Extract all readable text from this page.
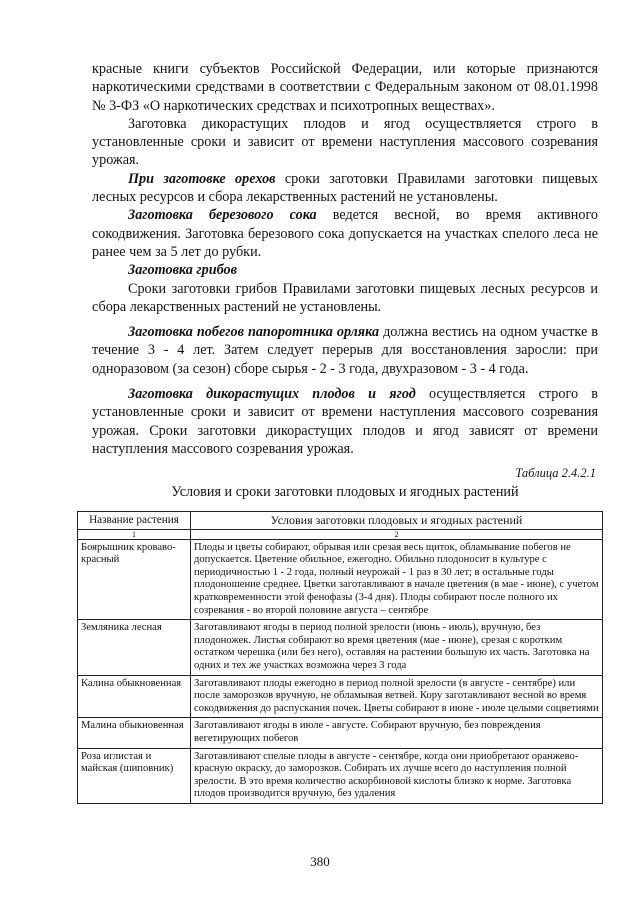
красные книги субъектов Российской Федерации, или которые признаются наркотическими средствами в соответствии с Федеральным законом от 08.01.1998 № 3-ФЗ «О наркотических средствах и психотропных веществах».

Заготовка дикорастущих плодов и ягод осуществляется строго в установленные сроки и зависит от времени наступления массового созревания урожая.

При заготовке орехов сроки заготовки Правилами заготовки пищевых лесных ресурсов и сбора лекарственных растений не установлены.

Заготовка березового сока ведется весной, во время активного сокодвижения. Заготовка березового сока допускается на участках спелого леса не ранее чем за 5 лет до рубки.

Заготовка грибов

Сроки заготовки грибов Правилами заготовки пищевых лесных ресурсов и сбора лекарственных растений не установлены.

Заготовка побегов папоротника орляка должна вестись на одном участке в течение 3 - 4 лет. Затем следует перерыв для восстановления заросли: при одноразовом (за сезон) сборе сырья - 2 - 3 года, двухразовом - 3 - 4 года.

Заготовка дикорастущих плодов и ягод осуществляется строго в установленные сроки и зависит от времени наступления массового созревания урожая. Сроки заготовки дикорастущих плодов и ягод зависят от времени наступления массового созревания урожая.

Таблица 2.4.2.1
Условия и сроки заготовки плодовых и ягодных растений
Название растения	Условия заготовки плодовых и ягодных растений
1	2
Боярышник кроваво-красный	Плоды и цветы собирают, обрывая или срезая весь щиток, обламывание побегов не допускается. Цветение обильное, ежегодно. Обильно плодоносит в культуре с периодичностью 1 - 2 года, полный неурожай - 1 раз в 30 лет; в остальные годы плодоношение среднее. Цветки заготавливают в начале цветения (в мае - июне), с учетом кратковременности этой фенофазы (3-4 дня). Плоды собирают после полного их созревания - во второй половине августа – сентябре
Земляника лесная	Заготавливают ягоды в период полной зрелости (июнь - июль), вручную, без плодоножек. Листья собирают во время цветения (мае - июне), срезая с коротким остатком черешка (или без него), оставляя на растении большую их часть. Заготовка на одних и тех же участках возможна через 3 года
Калина обыкновенная	Заготавливают плоды ежегодно в период полной зрелости (в августе - сентябре) или после заморозков вручную, не обламывая ветвей. Кору заготавливают весной во время сокодвижения до распускания почек. Цветы собирают в июне - июле целыми соцветиями
Малина обыкновенная	Заготавливают ягоды в июле - августе. Собирают вручную, без повреждения вегетирующих побегов
Роза иглистая и майская (шиповник)	Заготавливают спелые плоды в августе - сентябре, когда они приобретают оранжево-красную окраску, до заморозков. Собирать их лучше всего до наступления полной зрелости. В это время количество аскорбиновой кислоты близко к норме. Заготовка плодов производится вручную, без удаления
380
